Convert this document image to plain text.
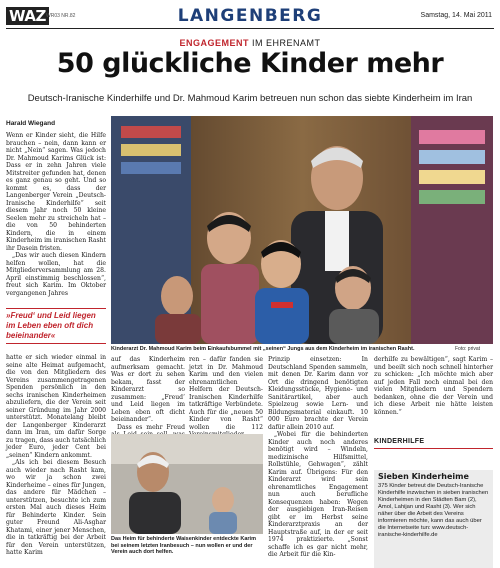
WAZ WR03 NR.82	LANGENBERG	Samstag, 14. Mai 2011
ENGAGEMENT IM EHRENAMT
50 glückliche Kinder mehr
Deutsch-Iranische Kinderhilfe und Dr. Mahmoud Karim betreuen nun schon das siebte Kinderheim im Iran
Harald Wiegand

Wenn er Kinder sieht, die Hilfe brauchen – nein, dann kann er nicht „Nein“ sagen. Was jedoch Dr. Mahmoud Karims Glück ist: Dass er in zehn Jahren viele Mitstreiter gefunden hat, denen es ganz genau so geht. Und so kommt es, dass der Langenberger Verein „Deutsch-Iranische Kinderhilfe“ seit diesem Jahr noch 50 kleine Seelen mehr zu streicheln hat – die von 50 behinderten Kindern, die in einem Kinderheim im iranischen Rasht ihr Dasein fristen.

„Das wir auch diesen Kindern helfen wollen, hat die Mitgliederversammlung am 28. April einstimmig beschlossen“, freut sich Karim. Im Oktober vergangenen Jahres

»Freud‘ und Leid liegen im Leben eben oft dich beieinander«
Kinderarzt Dr. Mahmoud Karim beim Einkaufsbummel mit „seinen“ Jungs aus dem Kinderheim im iranischen Rasht.	Foto: privat

hatte er sich wieder einmal in seine alte Heimat aufgemacht, die von den Mitgliedern des Vereins zusammengetragenen Spenden persönlich in den sechs iranischen Kinderheimen abzuliefern, die der Verein seit seiner Gründung im Jahr 2000 unterstützt. Monatelang bleibt der Langenberger Kinderarzt dann im Iran, um dafür Sorge zu tragen, dass auch tatsächlich jeder Euro, jeder Cent bei „seinen“ Kindern ankommt.

„Als ich bei diesem Besuch auch wieder nach Rasht kam, wo wir ja schon zwei Kinderheime – eines für Jungen, das andere für Mädchen – unterstützen, besuchte ich zum ersten Mal auch dieses Heim für Behinderte Kinder. Sein guter Freund Ali-Asghar Khatami, einer jener Menschen, die in tatkräftig bei der Arbeit für den Verein unterstützen, hatte Karim

auf das Kinderheim aufmerksam gemacht. Was er dort zu sehen bekam, fasst der Kinderarzt so zusammen: „Freud‘ und Leid liegen im Leben eben oft dicht beieinander“.

Dass es mehr Freud

ren – dafür fanden sie jetzt in Dr. Mahmoud Karim und den vielen ehrenamtlichen Helfern der Deutsch-Iranischen Kinderhilfe tatkräftige Verbündete. Auch für die „neuen 50 Kinder von Rasht“ wollen die 112

Das Heim für behinderte Waisenkinder entdeckte Karim bei seinem letzten Iranbesuch – nun wollen er und der Verein auch dort helfen.

Prinzip einsetzen: In Deutschland Spenden sammeln, mit denen Dr. Karim dann vor Ort die dringend benötigten Kleidungsstücke, Hygiene- und Sanitärartikel, aber auch Spielzeug sowie Lern- und Bildungsmaterial einkauft. 10 000 Euro brachte der Verein dafür allein 2010 auf.

„Wobei für die behinderten Kinder auch noch anderes benötigt wird – Windeln, medizinische Hilfsmittel, Rollstühle, Gehwagen“, zählt Karim auf. Übrigens: Für den Kinderarzt wird sein ehrenamtliches Engagement nun auch berufliche Konsequenzen haben: Wegen der ausgiebigen Iran-Reisen gibt er im Herbst seine Kinderarztpraxis an der Hauptstraße auf, in der er seit 1974 praktizierte. „Sonst schaffe ich es gar nicht mehr, die Arbeit für die Kin-

derhilfe zu bewältigen“, sagt Karim – und beeilt sich noch schnell hinterher zu schicken: „Ich möchte mich aber auf jeden Fall noch einmal bei den vielen Mitgliedern und Spendern bedanken, ohne die der Verein und ich diese Arbeit nie hätte leisten können.“

KINDERHILFE
Sieben Kinderheime
375 Kinder betreut die Deutsch-Iranische Kinderhilfe inzwischen in sieben iranischen Kinderheimen in den Städten Bam (2), Amol, Lahijan und Rasht (3). Wer sich näher über die Arbeit des Vereins informieren möchte, kann das auch über die Internetseite tun: www.deutsch-iranische-kinderhilfe.de
